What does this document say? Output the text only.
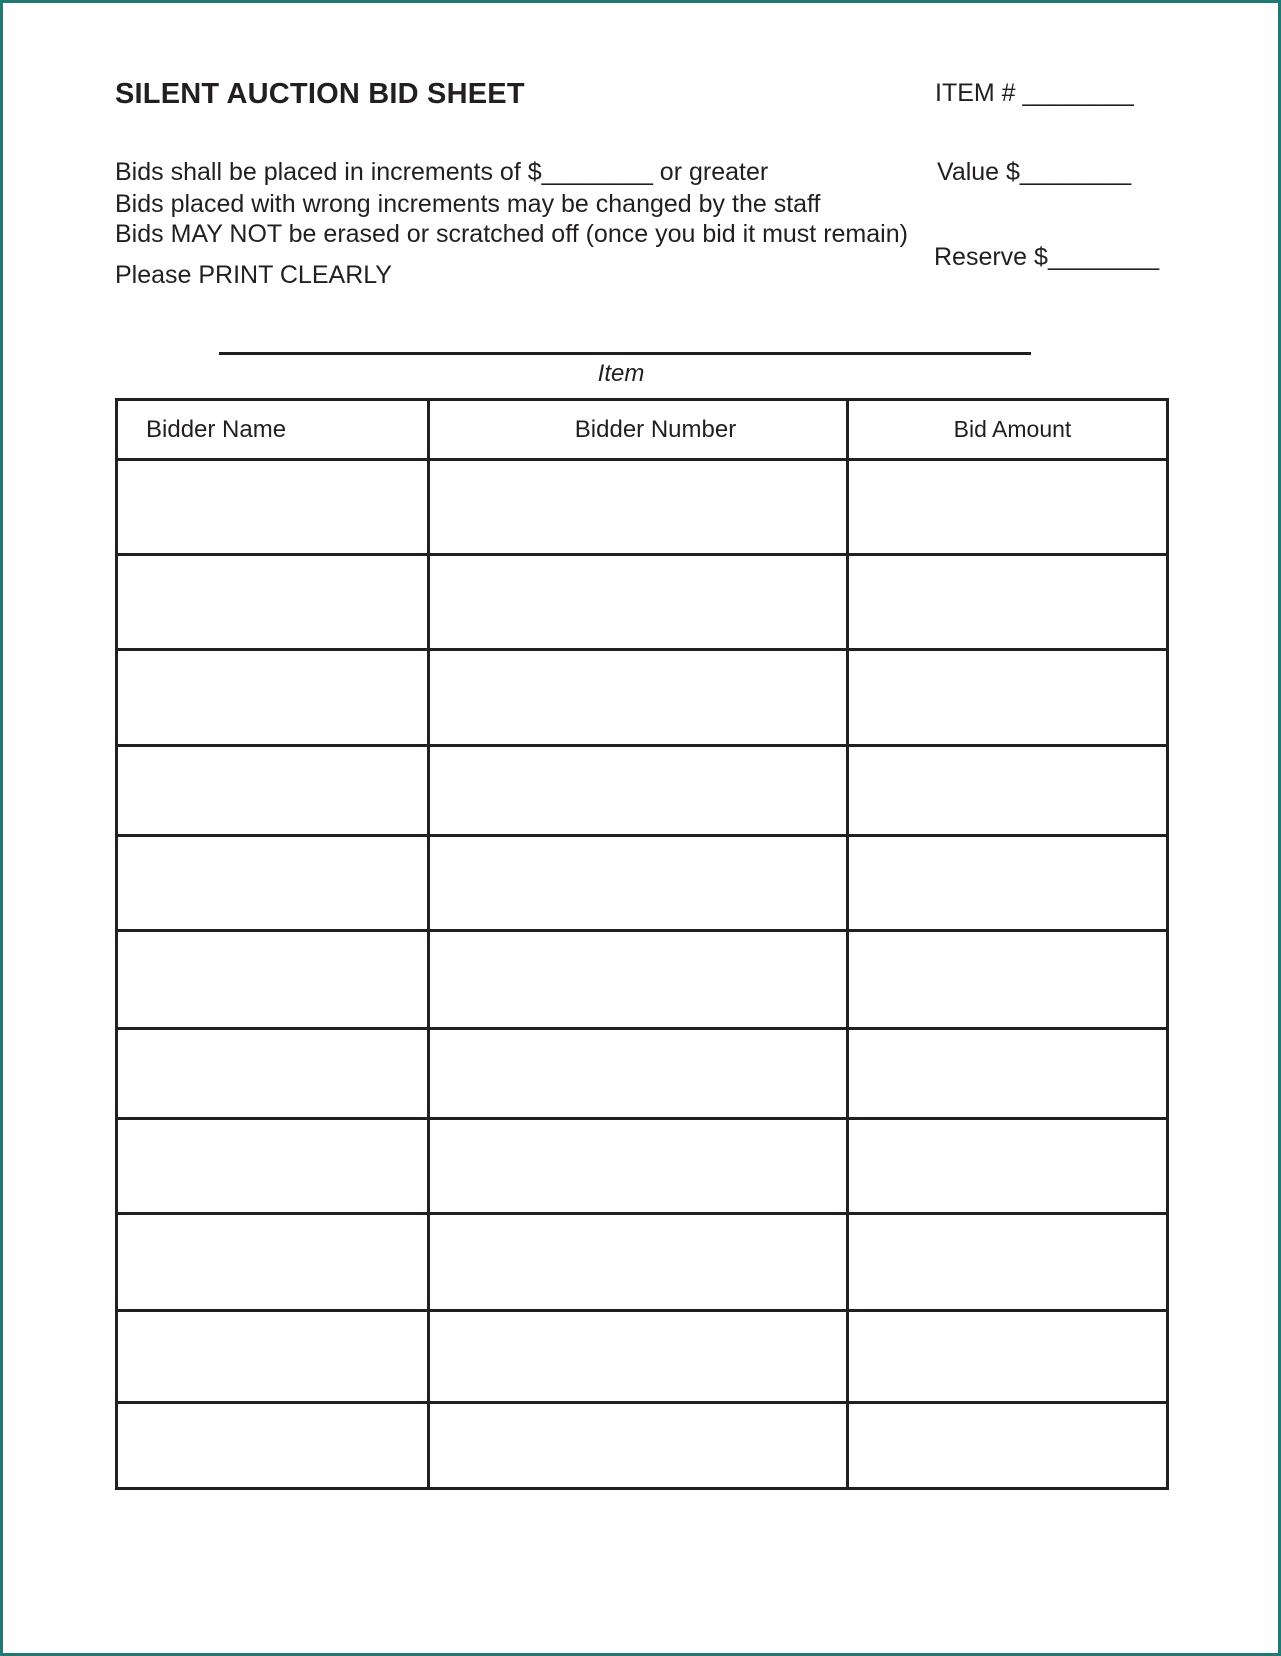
SILENT AUCTION BID SHEET	ITEM # ________
Value $________
Reserve $________
Bids shall be placed in increments of $________ or greater
Bids placed with wrong increments may be changed by the staff
Bids MAY NOT be erased or scratched off (once you bid it must remain)
Please PRINT CLEARLY
Item
Bidder Name	Bidder Number	Bid Amount
